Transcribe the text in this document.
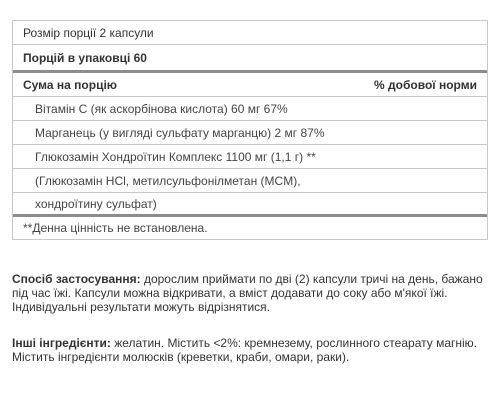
Розмір порції 2 капсули
Порцій в упаковці 60
Сума на порцію	% добової норми
Вітамін С (як аскорбінова кислота) 60 мг 67%
Марганець (у вигляді сульфату марганцю) 2 мг 87%
Глюкозамін Хондроїтин Комплекс 1100 мг (1,1 г) **
(Глюкозамін HCl, метилсульфонілметан (MCM),
хондроїтину сульфат)
**Денна цінність не встановлена.
Спосіб застосування: дорослим приймати по дві (2) капсули тричі на день, бажано під час їжі. Капсули можна відкривати, а вміст додавати до соку або м'якої їжі. Індивідуальні результати можуть відрізнятися.
Інші інгредієнти: желатин. Містить <2%: кремнезему, рослинного стеарату магнію. Містить інгредієнти молюсків (креветки, краби, омари, раки).
